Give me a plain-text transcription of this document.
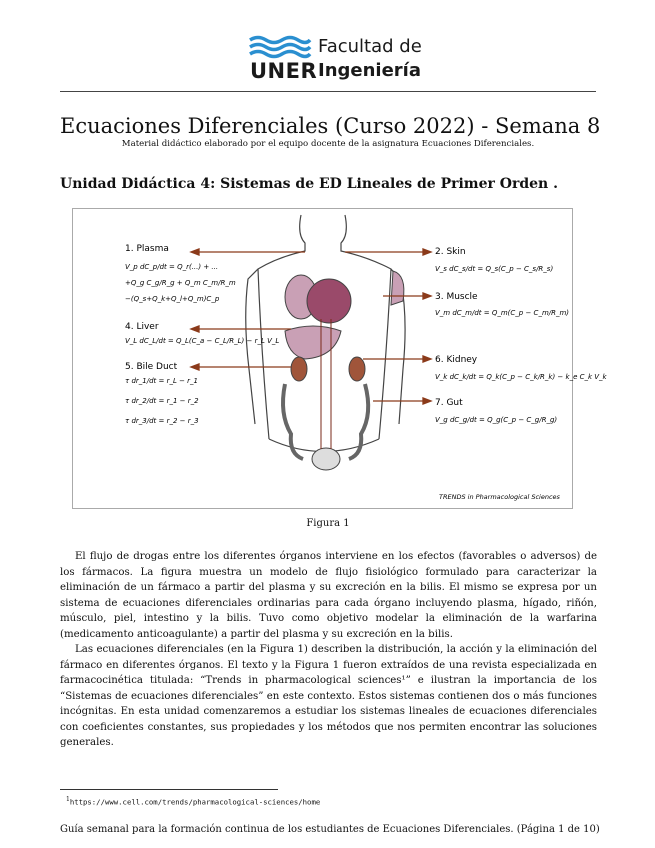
UNER
Facultad de
Ingeniería
Ecuaciones Diferenciales (Curso 2022) - Semana 8
Material didáctico elaborado por el equipo docente de la asignatura Ecuaciones Diferenciales.
Unidad Didáctica 4: Sistemas de ED Lineales de Primer Orden .
1. Plasma
V_p dC_p/dt = Q_r(...) + ...
+Q_g C_g/R_g + Q_m C_m/R_m
−(Q_s+Q_k+Q_l+Q_m)C_p
4. Liver
V_L dC_L/dt = Q_L(C_a − C_L/R_L) − r_L V_L
5. Bile Duct
τ dr_1/dt = r_L − r_1
τ dr_2/dt = r_1 − r_2
τ dr_3/dt = r_2 − r_3
2. Skin
V_s dC_s/dt = Q_s(C_p − C_s/R_s)
3. Muscle
V_m dC_m/dt = Q_m(C_p − C_m/R_m)
6. Kidney
V_k dC_k/dt = Q_k(C_p − C_k/R_k) − k_e C_k V_k
7. Gut
V_g dC_g/dt = Q_g(C_p − C_g/R_g)
TRENDS in Pharmacological Sciences
Figura 1

El flujo de drogas entre los diferentes órganos interviene en los efectos (favorables o adversos) de los fármacos. La figura muestra un modelo de flujo fisiológico formulado para caracterizar la eliminación de un fármaco a partir del plasma y su excreción en la bilis. El mismo se expresa por un sistema de ecuaciones diferenciales ordinarias para cada órgano incluyendo plasma, hígado, riñón, músculo, piel, intestino y la bilis. Tuvo como objetivo modelar la eliminación de la warfarina (medicamento anticoagulante) a partir del plasma y su excreción en la bilis.

Las ecuaciones diferenciales (en la Figura 1) describen la distribución, la acción y la eliminación del fármaco en diferentes órganos. El texto y la Figura 1 fueron extraídos de una revista especializada en farmacocinética titulada: “Trends in pharmacological sciences¹” e ilustran la importancia de los “Sistemas de ecuaciones diferenciales” en este contexto. Estos sistemas contienen dos o más funciones incógnitas. En esta unidad comenzaremos a estudiar los sistemas lineales de ecuaciones diferenciales con coeficientes constantes, sus propiedades y los métodos que nos permiten encontrar las soluciones generales.

$^1$https://www.cell.com/trends/pharmacological-sciences/home
Guía semanal para la formación continua de los estudiantes de Ecuaciones Diferenciales. (Página 1 de 10)
